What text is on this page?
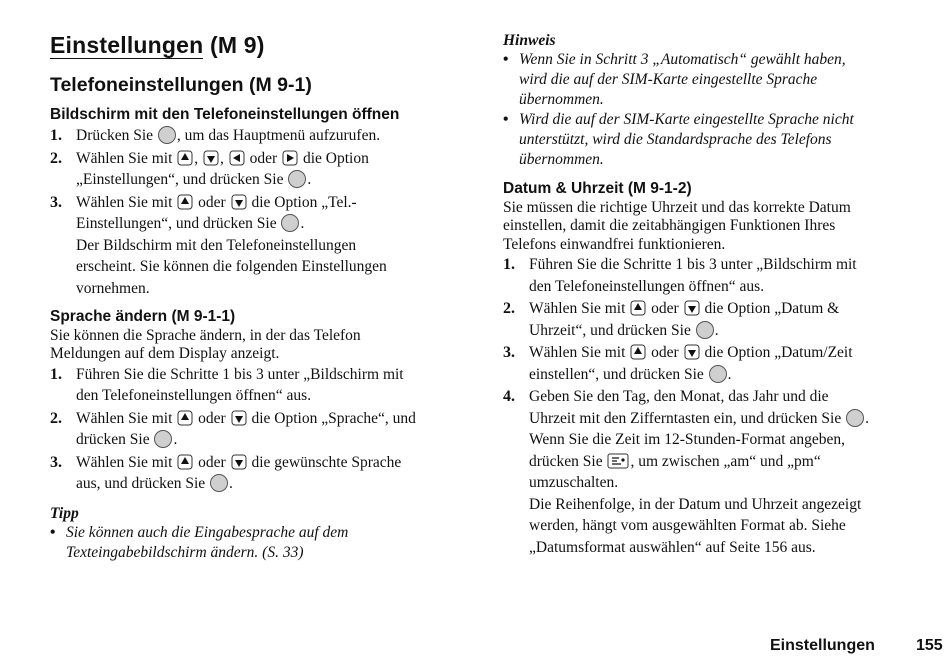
Einstellungen (M 9)
Telefoneinstellungen (M 9-1)
Bildschirm mit den Telefoneinstellungen öffnen
1. Drücken Sie , um das Hauptmenü aufzurufen.
2. Wählen Sie mit , ,  oder  die Option
„Einstellungen“, und drücken Sie .
3. Wählen Sie mit  oder  die Option „Tel.-
Einstellungen“, und drücken Sie .
Der Bildschirm mit den Telefoneinstellungen
erscheint. Sie können die folgenden Einstellungen
vornehmen.
Sprache ändern (M 9-1-1)

Sie können die Sprache ändern, in der das Telefon
Meldungen auf dem Display anzeigt.

1. Führen Sie die Schritte 1 bis 3 unter „Bildschirm mit
den Telefoneinstellungen öffnen“ aus.
2. Wählen Sie mit  oder  die Option „Sprache“, und
drücken Sie .
3. Wählen Sie mit  oder  die gewünschte Sprache
aus, und drücken Sie .

Tipp

• Sie können auch die Eingabesprache auf dem
Texteingabebildschirm ändern. (S. 33)

Hinweis

• Wenn Sie in Schritt 3 „Automatisch“ gewählt haben,
wird die auf der SIM-Karte eingestellte Sprache
übernommen.
• Wird die auf der SIM-Karte eingestellte Sprache nicht
unterstützt, wird die Standardsprache des Telefons
übernommen.
Datum & Uhrzeit (M 9-1-2)

Sie müssen die richtige Uhrzeit und das korrekte Datum
einstellen, damit die zeitabhängigen Funktionen Ihres
Telefons einwandfrei funktionieren.

1. Führen Sie die Schritte 1 bis 3 unter „Bildschirm mit
den Telefoneinstellungen öffnen“ aus.
2. Wählen Sie mit  oder  die Option „Datum &
Uhrzeit“, und drücken Sie .
3. Wählen Sie mit  oder  die Option „Datum/Zeit
einstellen“, und drücken Sie .
4. Geben Sie den Tag, den Monat, das Jahr und die
Uhrzeit mit den Zifferntasten ein, und drücken Sie .
Wenn Sie die Zeit im 12-Stunden-Format angeben,
drücken Sie , um zwischen „am“ und „pm“
umzuschalten.
Die Reihenfolge, in der Datum und Uhrzeit angezeigt
werden, hängt vom ausgewählten Format ab. Siehe
„Datumsformat auswählen“ auf Seite 156 aus.
Einstellungen	155
